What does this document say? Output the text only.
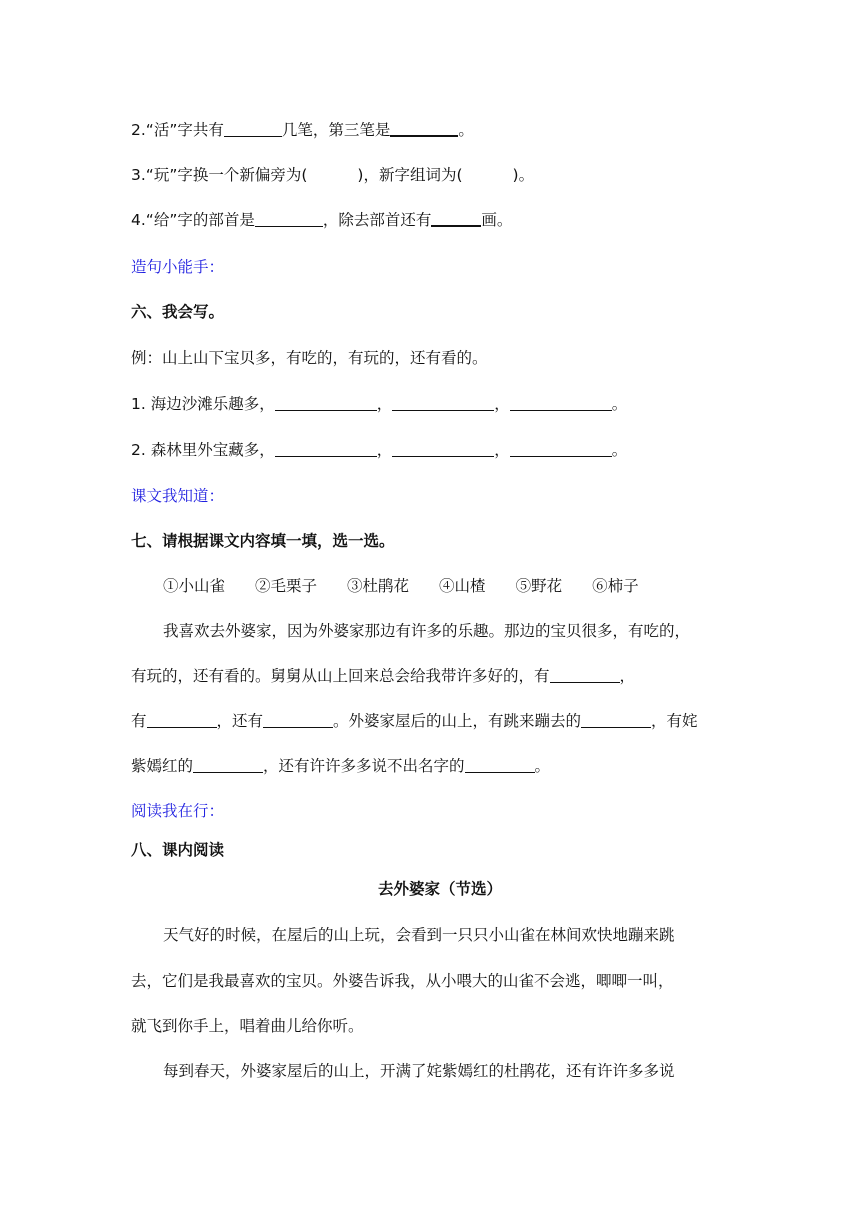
2.“活”字共有	几笔，第三笔是	。
3.“玩”字换一个新偏旁为(	)，新字组词为(	)。
4.“给”字的部首是	，除去部首还有	画。
造句小能手：
六、我会写。
例：山上山下宝贝多，有吃的，有玩的，还有看的。
1. 海边沙滩乐趣多，	，	，	。
2. 森林里外宝藏多，	，	，	。
课文我知道：
七、请根据课文内容填一填，选一选。
①小山雀 ②毛栗子 ③杜鹃花 ④山楂 ⑤野花 ⑥柿子
我喜欢去外婆家，因为外婆家那边有许多的乐趣。那边的宝贝很多，有吃的，
有玩的，还有看的。舅舅从山上回来总会给我带许多好的，有	，
有	，还有	。外婆家屋后的山上，有跳来蹦去的	，有姹
紫嫣红的	，还有许许多多说不出名字的	。
阅读我在行：
八、课内阅读
去外婆家（节选）
天气好的时候，在屋后的山上玩，会看到一只只小山雀在林间欢快地蹦来跳
去，它们是我最喜欢的宝贝。外婆告诉我，从小喂大的山雀不会逃，唧唧一叫，
就飞到你手上，唱着曲儿给你听。
每到春天，外婆家屋后的山上，开满了姹紫嫣红的杜鹃花，还有许许多多说
